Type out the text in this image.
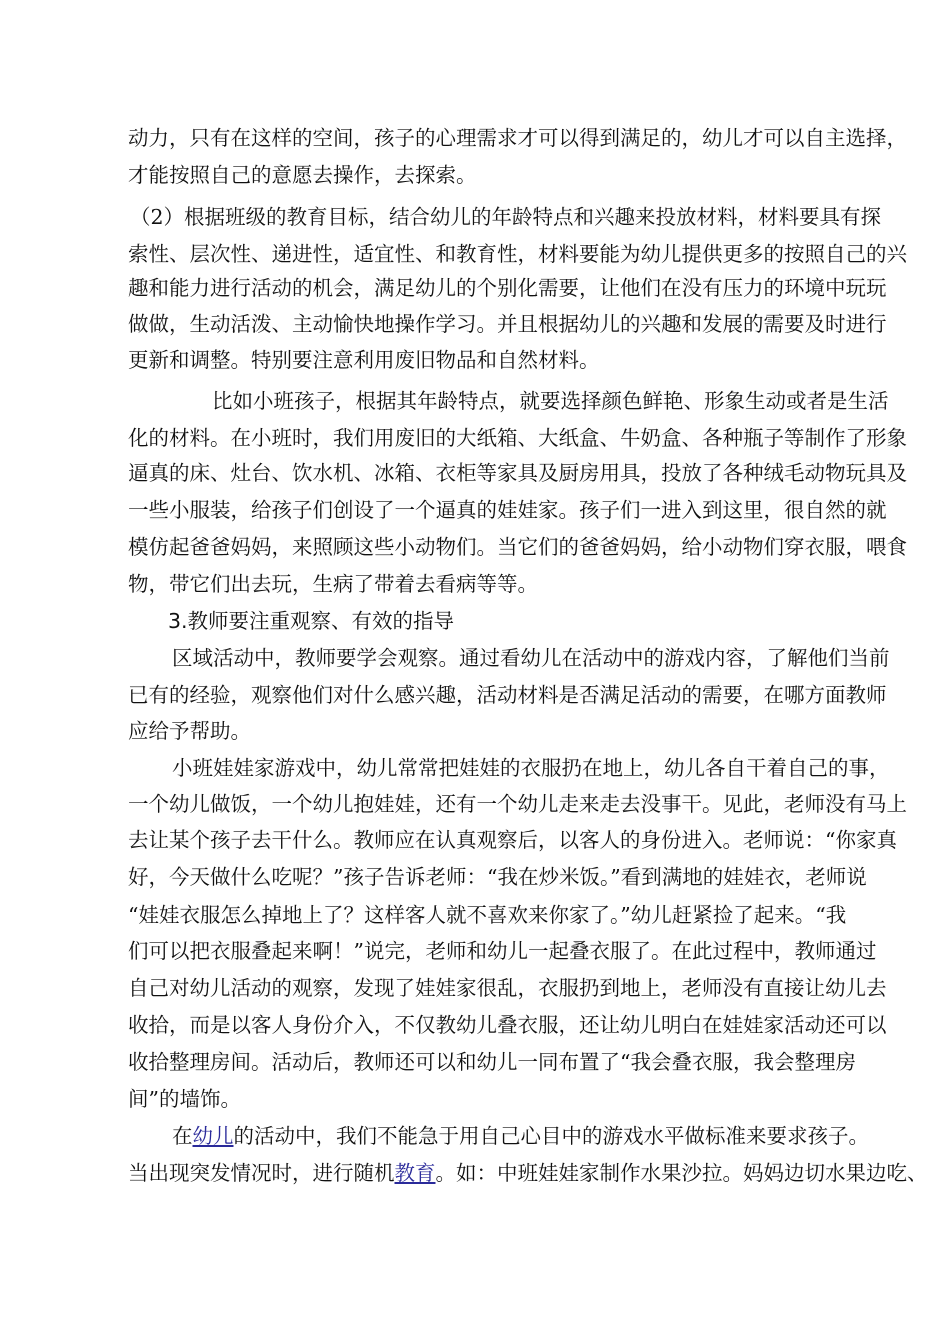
动力，只有在这样的空间，孩子的心理需求才可以得到满足的，幼儿才可以自主选择，
才能按照自己的意愿去操作，去探索。
（2）根据班级的教育目标，结合幼儿的年龄特点和兴趣来投放材料，材料要具有探
索性、层次性、递进性，适宜性、和教育性，材料要能为幼儿提供更多的按照自己的兴
趣和能力进行活动的机会，满足幼儿的个别化需要，让他们在没有压力的环境中玩玩
做做，生动活泼、主动愉快地操作学习。并且根据幼儿的兴趣和发展的需要及时进行
更新和调整。特别要注意利用废旧物品和自然材料。
比如小班孩子，根据其年龄特点，就要选择颜色鲜艳、形象生动或者是生活
化的材料。在小班时，我们用废旧的大纸箱、大纸盒、牛奶盒、各种瓶子等制作了形象
逼真的床、灶台、饮水机、冰箱、衣柜等家具及厨房用具，投放了各种绒毛动物玩具及
一些小服装，给孩子们创设了一个逼真的娃娃家。孩子们一进入到这里，很自然的就
模仿起爸爸妈妈，来照顾这些小动物们。当它们的爸爸妈妈，给小动物们穿衣服，喂食
物，带它们出去玩，生病了带着去看病等等。
3.教师要注重观察、有效的指导
区域活动中，教师要学会观察。通过看幼儿在活动中的游戏内容，了解他们当前
已有的经验，观察他们对什么感兴趣，活动材料是否满足活动的需要，在哪方面教师
应给予帮助。
小班娃娃家游戏中，幼儿常常把娃娃的衣服扔在地上，幼儿各自干着自己的事，
一个幼儿做饭，一个幼儿抱娃娃，还有一个幼儿走来走去没事干。见此，老师没有马上
去让某个孩子去干什么。教师应在认真观察后，以客人的身份进入。老师说：“你家真
好，今天做什么吃呢？”孩子告诉老师：“我在炒米饭。”看到满地的娃娃衣，老师说
“娃娃衣服怎么掉地上了？这样客人就不喜欢来你家了。”幼儿赶紧捡了起来。“我
们可以把衣服叠起来啊！”说完，老师和幼儿一起叠衣服了。在此过程中，教师通过
自己对幼儿活动的观察，发现了娃娃家很乱，衣服扔到地上，老师没有直接让幼儿去
收拾，而是以客人身份介入，不仅教幼儿叠衣服，还让幼儿明白在娃娃家活动还可以
收拾整理房间。活动后，教师还可以和幼儿一同布置了“我会叠衣服，我会整理房
间”的墙饰。
在幼儿的活动中，我们不能急于用自己心目中的游戏水平做标准来要求孩子。
当出现突发情况时，进行随机教育。如：中班娃娃家制作水果沙拉。妈妈边切水果边吃、
